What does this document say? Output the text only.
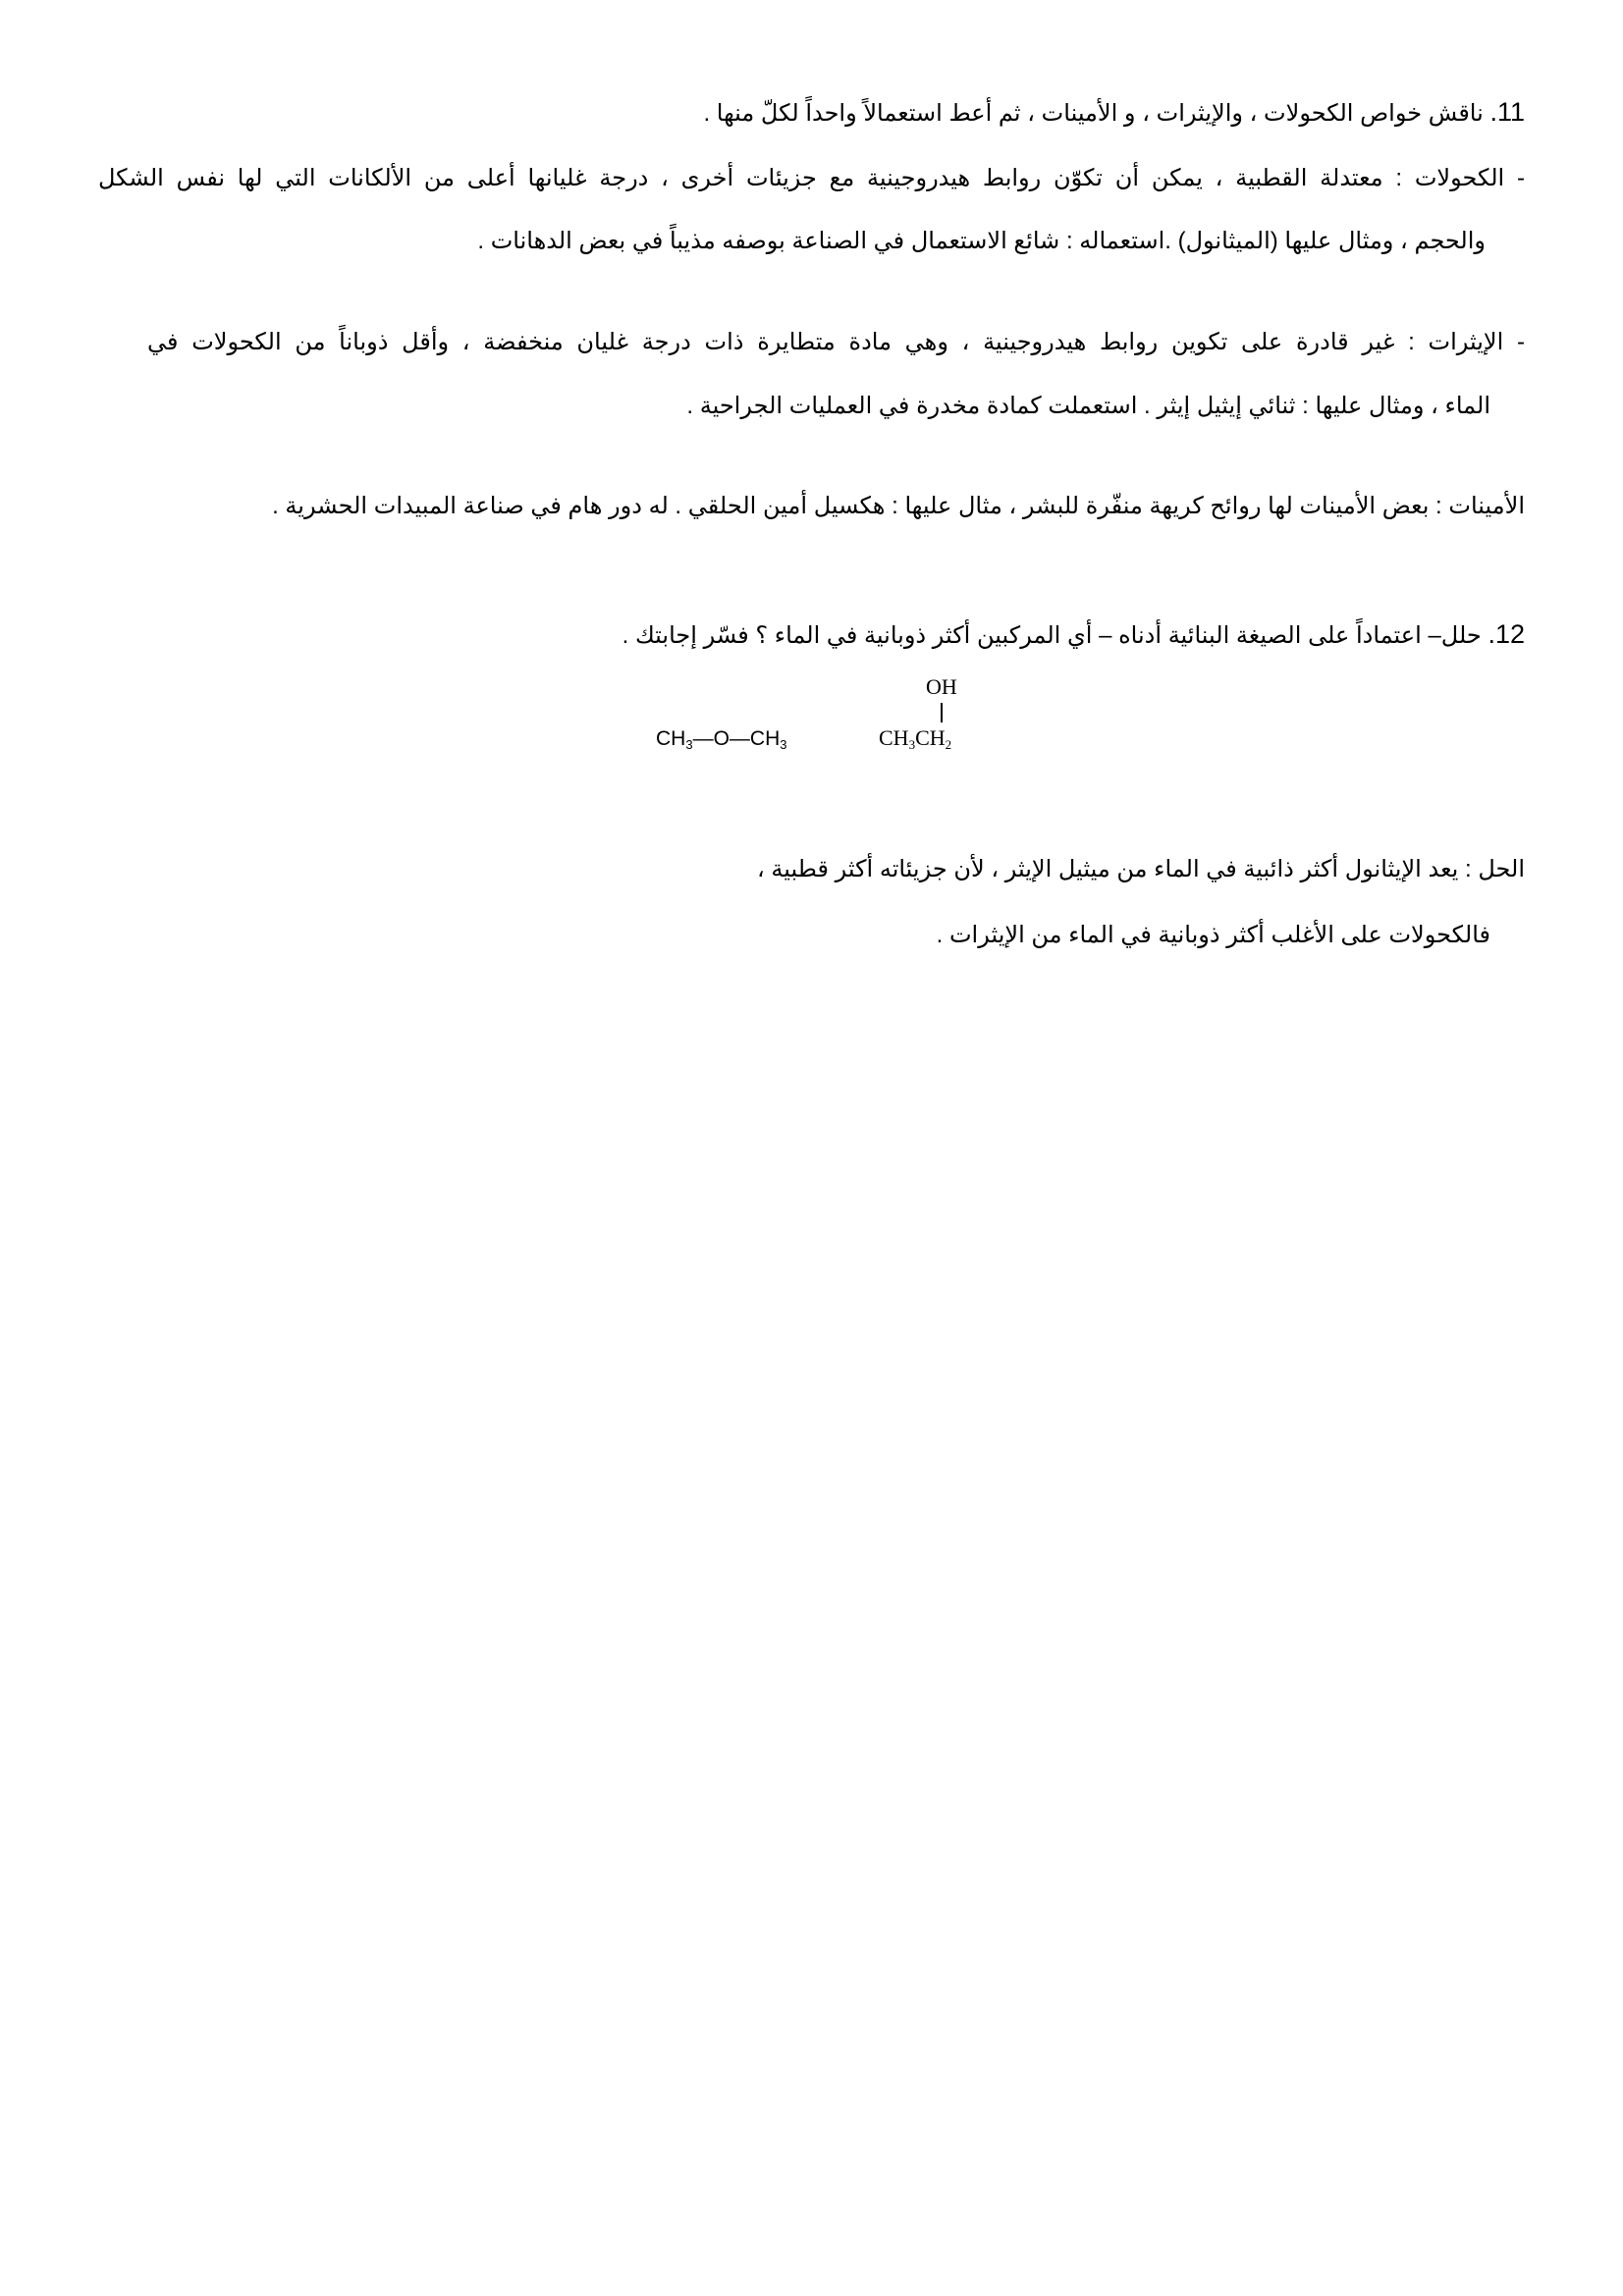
11. ناقش خواص الكحولات ، والإيثرات ، و الأمينات ، ثم أعط استعمالاً واحداً لكلّ منها .
- الكحولات : معتدلة القطبية ، يمكن أن تكوّن روابط هيدروجينية مع جزيئات أخرى ، درجة غليانها أعلى من الألكانات التي لها نفس الشكل
والحجم ، ومثال عليها (الميثانول) .استعماله : شائع الاستعمال في الصناعة بوصفه مذيباً في بعض الدهانات .
- الإيثرات : غير قادرة على تكوين روابط هيدروجينية ، وهي مادة متطايرة ذات درجة غليان منخفضة ، وأقل ذوباناً من الكحولات في
الماء ، ومثال عليها : ثنائي إيثيل إيثر . استعملت كمادة مخدرة في العمليات الجراحية .
الأمينات : بعض الأمينات لها روائح كريهة منفّرة للبشر ، مثال عليها : هكسيل أمين الحلقي . له دور هام في صناعة المبيدات الحشرية .
12. حلل– اعتماداً على الصيغة البنائية أدناه – أي المركبين أكثر ذوبانية في الماء ؟ فسّر إجابتك .
$CH_3—O—CH_3$
OH
$CH_3CH_2$
الحل : يعد الإيثانول أكثر ذائبية في الماء من ميثيل الإيثر ، لأن جزيئاته أكثر قطبية ،
فالكحولات على الأغلب أكثر ذوبانية في الماء من الإيثرات .
